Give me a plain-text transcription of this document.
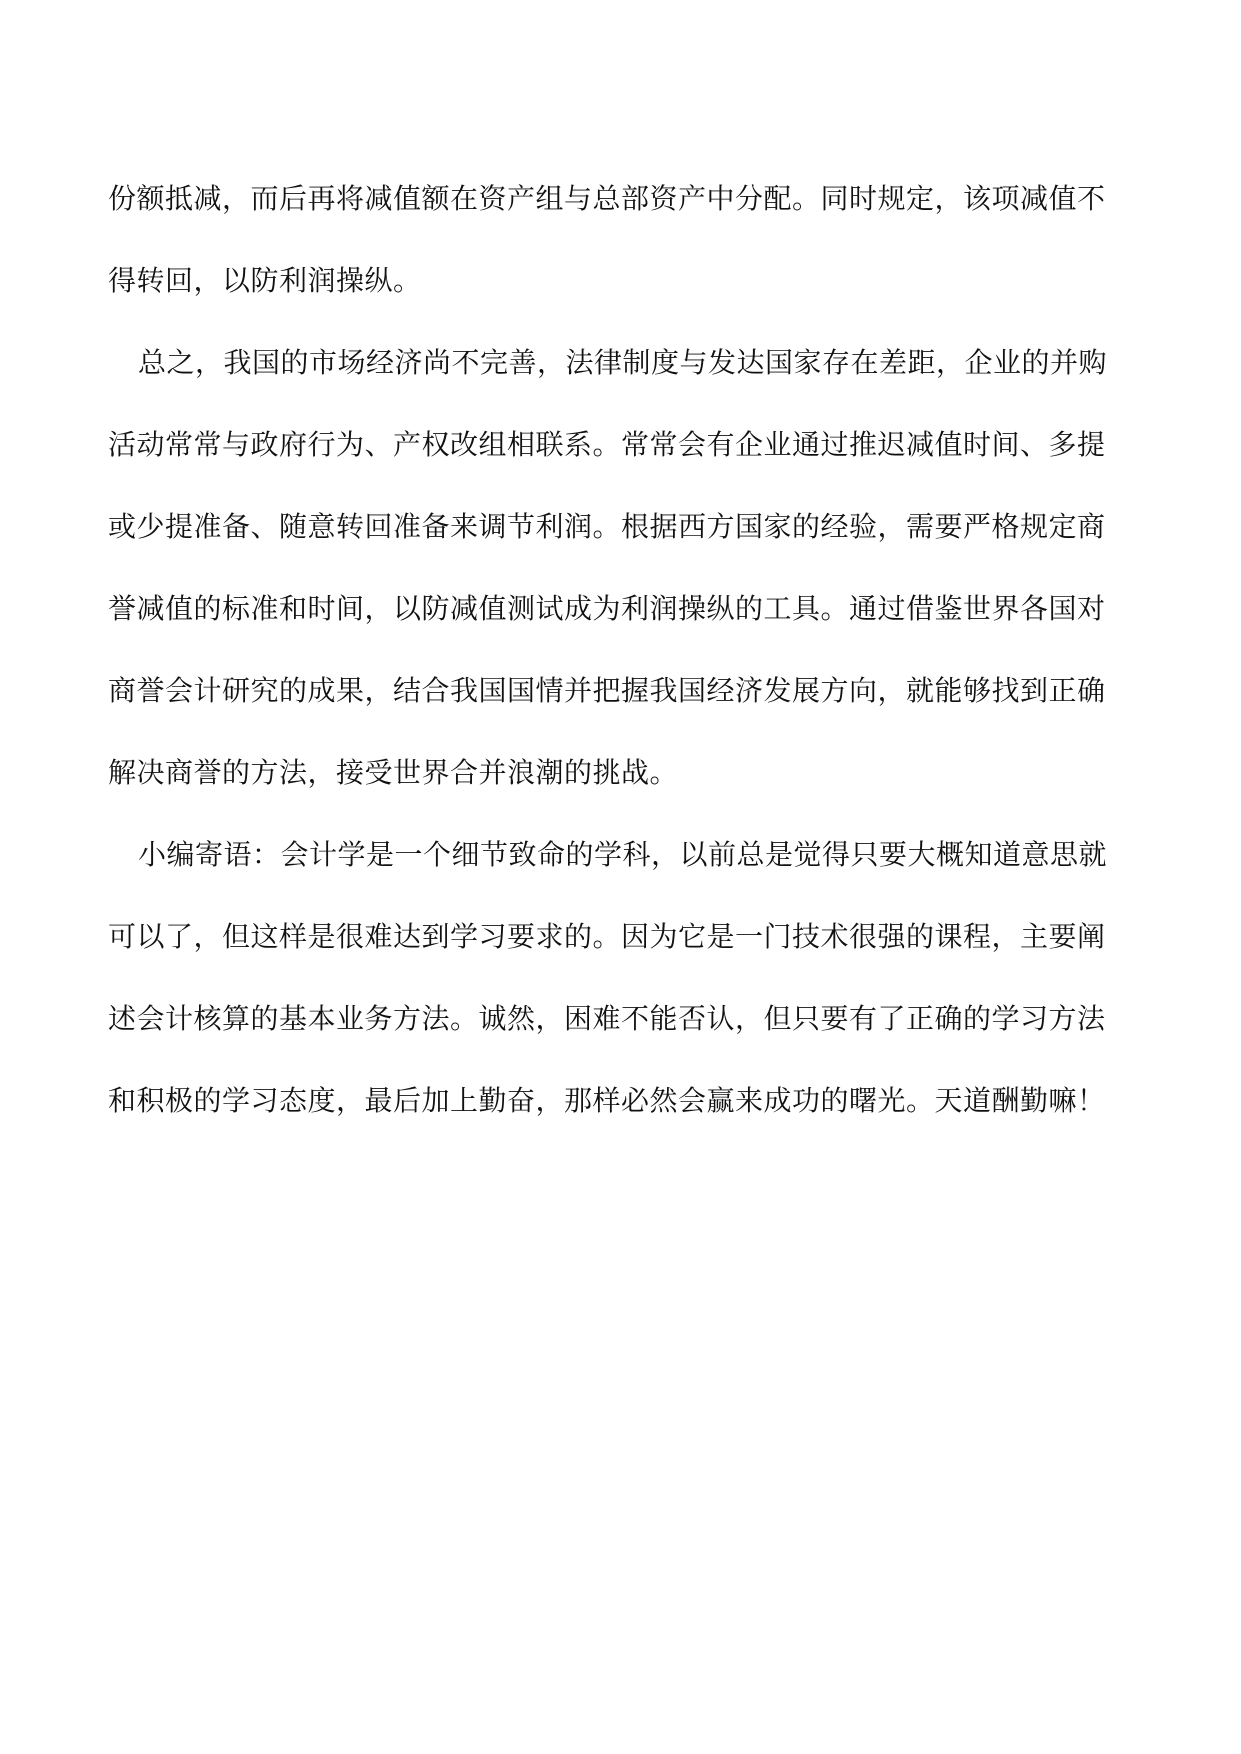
份额抵减，而后再将减值额在资产组与总部资产中分配。同时规定，该项减值不
得转回，以防利润操纵。
总之，我国的市场经济尚不完善，法律制度与发达国家存在差距，企业的并购
活动常常与政府行为、产权改组相联系。常常会有企业通过推迟减值时间、多提
或少提准备、随意转回准备来调节利润。根据西方国家的经验，需要严格规定商
誉减值的标准和时间，以防减值测试成为利润操纵的工具。通过借鉴世界各国对
商誉会计研究的成果，结合我国国情并把握我国经济发展方向，就能够找到正确
解决商誉的方法，接受世界合并浪潮的挑战。
小编寄语：会计学是一个细节致命的学科，以前总是觉得只要大概知道意思就
可以了，但这样是很难达到学习要求的。因为它是一门技术很强的课程，主要阐
述会计核算的基本业务方法。诚然，困难不能否认，但只要有了正确的学习方法
和积极的学习态度，最后加上勤奋，那样必然会赢来成功的曙光。天道酬勤嘛！
